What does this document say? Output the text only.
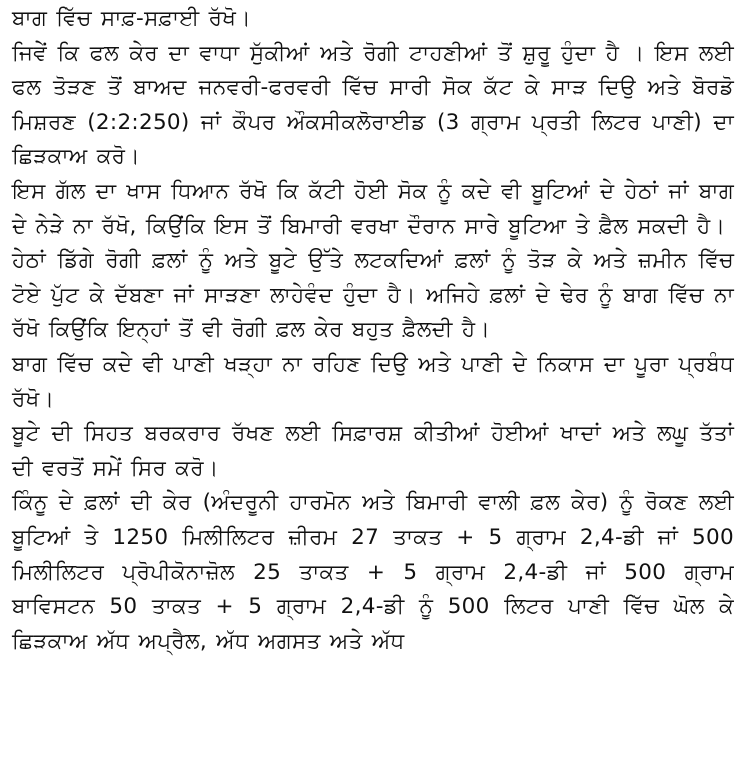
ਬਾਗ ਵਿੱਚ ਸਾਫ਼-ਸਫ਼ਾਈ ਰੱਖੋ।

ਜਿਵੇਂ ਕਿ ਫਲ ਕੇਰ ਦਾ ਵਾਧਾ ਸੁੱਕੀਆਂ ਅਤੇ ਰੋਗੀ ਟਾਹਣੀਆਂ ਤੋਂ ਸ਼ੁਰੂ ਹੁੰਦਾ ਹੈ । ਇਸ ਲਈ ਫਲ ਤੋੜਣ ਤੋਂ ਬਾਅਦ ਜਨਵਰੀ-ਫਰਵਰੀ ਵਿੱਚ ਸਾਰੀ ਸੋਕ ਕੱਟ ਕੇ ਸਾੜ ਦਿਉ ਅਤੇ ਬੋਰਡੋ ਮਿਸ਼ਰਣ (2:2:250) ਜਾਂ ਕੌਪਰ ਔਕਸੀਕਲੋਰਾਈਡ (3 ਗ੍ਰਾਮ ਪ੍ਰਤੀ ਲਿਟਰ ਪਾਣੀ) ਦਾ ਛਿੜਕਾਅ ਕਰੋ।

ਇਸ ਗੱਲ ਦਾ ਖਾਸ ਧਿਆਨ ਰੱਖੋ ਕਿ ਕੱਟੀ ਹੋਈ ਸੋਕ ਨੂੰ ਕਦੇ ਵੀ ਬੂਟਿਆਂ ਦੇ ਹੇਠਾਂ ਜਾਂ ਬਾਗ ਦੇ ਨੇੜੇ ਨਾ ਰੱਖੋ, ਕਿਉਂਕਿ ਇਸ ਤੋਂ ਬਿਮਾਰੀ ਵਰਖਾ ਦੌਰਾਨ ਸਾਰੇ ਬੂਟਿਆ ਤੇ ਫ਼ੈਲ ਸਕਦੀ ਹੈ।

ਹੇਠਾਂ ਡਿੱਗੇ ਰੋਗੀ ਫ਼ਲਾਂ ਨੂੰ ਅਤੇ ਬੂਟੇ ਉੱਤੇ ਲਟਕਦਿਆਂ ਫ਼ਲਾਂ ਨੂੰ ਤੋੜ ਕੇ ਅਤੇ ਜ਼ਮੀਨ ਵਿੱਚ ਟੋਏ ਪੁੱਟ ਕੇ ਦੱਬਣਾ ਜਾਂ ਸਾੜਣਾ ਲਾਹੇਵੰਦ ਹੁੰਦਾ ਹੈ। ਅਜਿਹੇ ਫ਼ਲਾਂ ਦੇ ਢੇਰ ਨੂੰ ਬਾਗ ਵਿੱਚ ਨਾ ਰੱਖੋ ਕਿਉਂਕਿ ਇਨ੍ਹਾਂ ਤੋਂ ਵੀ ਰੋਗੀ ਫ਼ਲ ਕੇਰ ਬਹੁਤ ਫ਼ੈਲਦੀ ਹੈ।

ਬਾਗ ਵਿੱਚ ਕਦੇ ਵੀ ਪਾਣੀ ਖੜ੍ਹਾ ਨਾ ਰਹਿਣ ਦਿਉ ਅਤੇ ਪਾਣੀ ਦੇ ਨਿਕਾਸ ਦਾ ਪੂਰਾ ਪ੍ਰਬੰਧ ਰੱਖੋ।

ਬੂਟੇ ਦੀ ਸਿਹਤ ਬਰਕਰਾਰ ਰੱਖਣ ਲਈ ਸਿਫ਼ਾਰਸ਼ ਕੀਤੀਆਂ ਹੋਈਆਂ ਖਾਦਾਂ ਅਤੇ ਲਘੂ ਤੱਤਾਂ ਦੀ ਵਰਤੋਂ ਸਮੇਂ ਸਿਰ ਕਰੋ।

ਕਿੰਨੂ ਦੇ ਫ਼ਲਾਂ ਦੀ ਕੇਰ (ਅੰਦਰੂਨੀ ਹਾਰਮੋਨ ਅਤੇ ਬਿਮਾਰੀ ਵਾਲੀ ਫ਼ਲ ਕੇਰ) ਨੂੰ ਰੋਕਣ ਲਈ ਬੂਟਿਆਂ ਤੇ 1250 ਮਿਲੀਲਿਟਰ ਜ਼ੀਰਮ 27 ਤਾਕਤ + 5 ਗ੍ਰਾਮ 2,4-ਡੀ ਜਾਂ 500 ਮਿਲੀਲਿਟਰ ਪ੍ਰੋਪੀਕੋਨਾਜ਼ੋਲ 25 ਤਾਕਤ + 5 ਗ੍ਰਾਮ 2,4-ਡੀ ਜਾਂ 500 ਗ੍ਰਾਮ ਬਾਵਿਸਟਨ 50 ਤਾਕਤ + 5 ਗ੍ਰਾਮ 2,4-ਡੀ ਨੂੰ 500 ਲਿਟਰ ਪਾਣੀ ਵਿੱਚ ਘੋਲ ਕੇ ਛਿੜਕਾਅ ਅੱਧ ਅਪ੍ਰੈਲ, ਅੱਧ ਅਗਸਤ ਅਤੇ ਅੱਧ
